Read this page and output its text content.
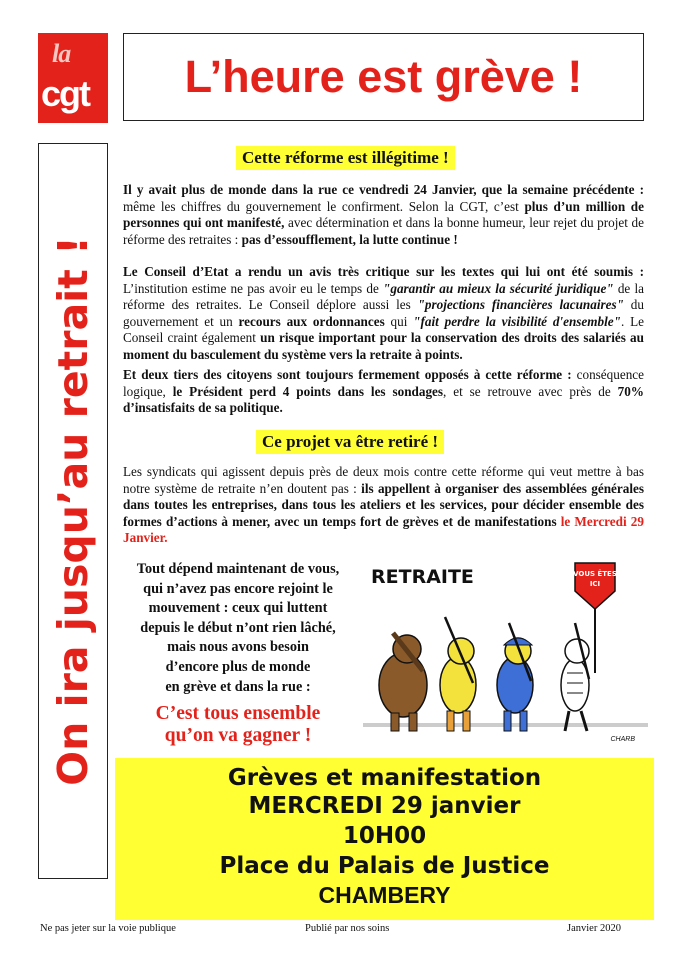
la
cgt L’heure est grève !
On ira jusqu’au retrait !
Cette réforme est illégitime !
Il y avait plus de monde dans la rue ce vendredi 24 Janvier, que la semaine précédente : même les chiffres du gouvernement le confirment. Selon la CGT, c’est plus d’un million de personnes qui ont manifesté, avec détermination et dans la bonne humeur, leur rejet du projet de réforme des retraites : pas d’essoufflement, la lutte continue !
Le Conseil d’Etat a rendu un avis très critique sur les textes qui lui ont été soumis : L’institution estime ne pas avoir eu le temps de "garantir au mieux la sécurité juridique" de la réforme des retraites. Le Conseil déplore aussi les "projections financières lacunaires" du gouvernement et un recours aux ordonnances qui "fait perdre la visibilité d'ensemble". Le Conseil craint également un risque important pour la conservation des droits des salariés au moment du basculement du système vers la retraite à points.
Et deux tiers des citoyens sont toujours fermement opposés à cette réforme : conséquence logique, le Président perd 4 points dans les sondages, et se retrouve avec près de 70% d’insatisfaits de sa politique.
Ce projet va être retiré !
Les syndicats qui agissent depuis près de deux mois contre cette réforme qui veut mettre à bas notre système de retraite n’en doutent pas : ils appellent à organiser des assemblées générales dans toutes les entreprises, dans tous les ateliers et les services, pour décider ensemble des formes d’actions à mener, avec un temps fort de grèves et de manifestations le Mercredi 29 Janvier.
Tout dépend maintenant de vous,
qui n’avez pas encore rejoint le
mouvement : ceux qui luttent
depuis le début n’ont rien lâché,
mais nous avons besoin
d’encore plus de monde
en grève et dans la rue :
C’est tous ensemble
qu’on va gagner !
RETRAITE	VOUS ÊTES
ICI
CHARB
Grèves et manifestation
MERCREDI 29 janvier
10H00
Place du Palais de Justice
CHAMBERY
Ne pas jeter sur la voie publique	Publié par nos soins	Janvier 2020
